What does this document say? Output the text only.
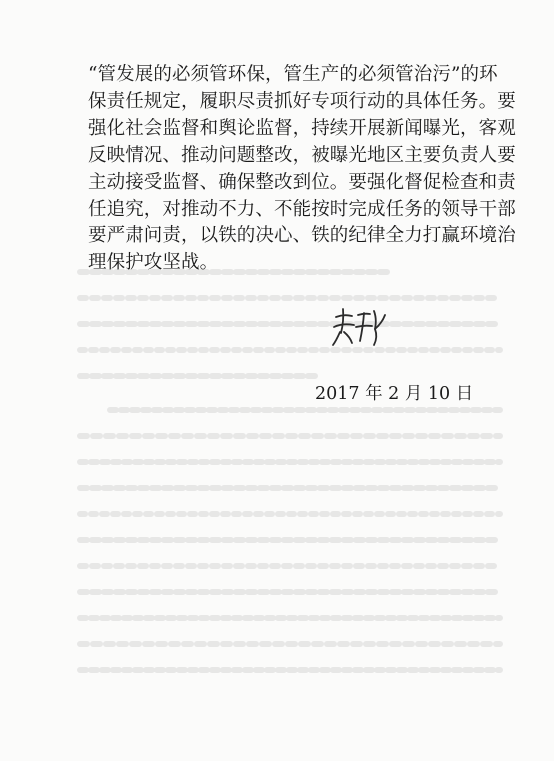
“管发展的必须管环保，管生产的必须管治污”的环
保责任规定，履职尽责抓好专项行动的具体任务。要
强化社会监督和舆论监督，持续开展新闻曝光，客观
反映情况、推动问题整改，被曝光地区主要负责人要
主动接受监督、确保整改到位。要强化督促检查和责
任追究，对推动不力、不能按时完成任务的领导干部
要严肃问责，以铁的决心、铁的纪律全力打赢环境治
理保护攻坚战。
2017 年 2 月 10 日
